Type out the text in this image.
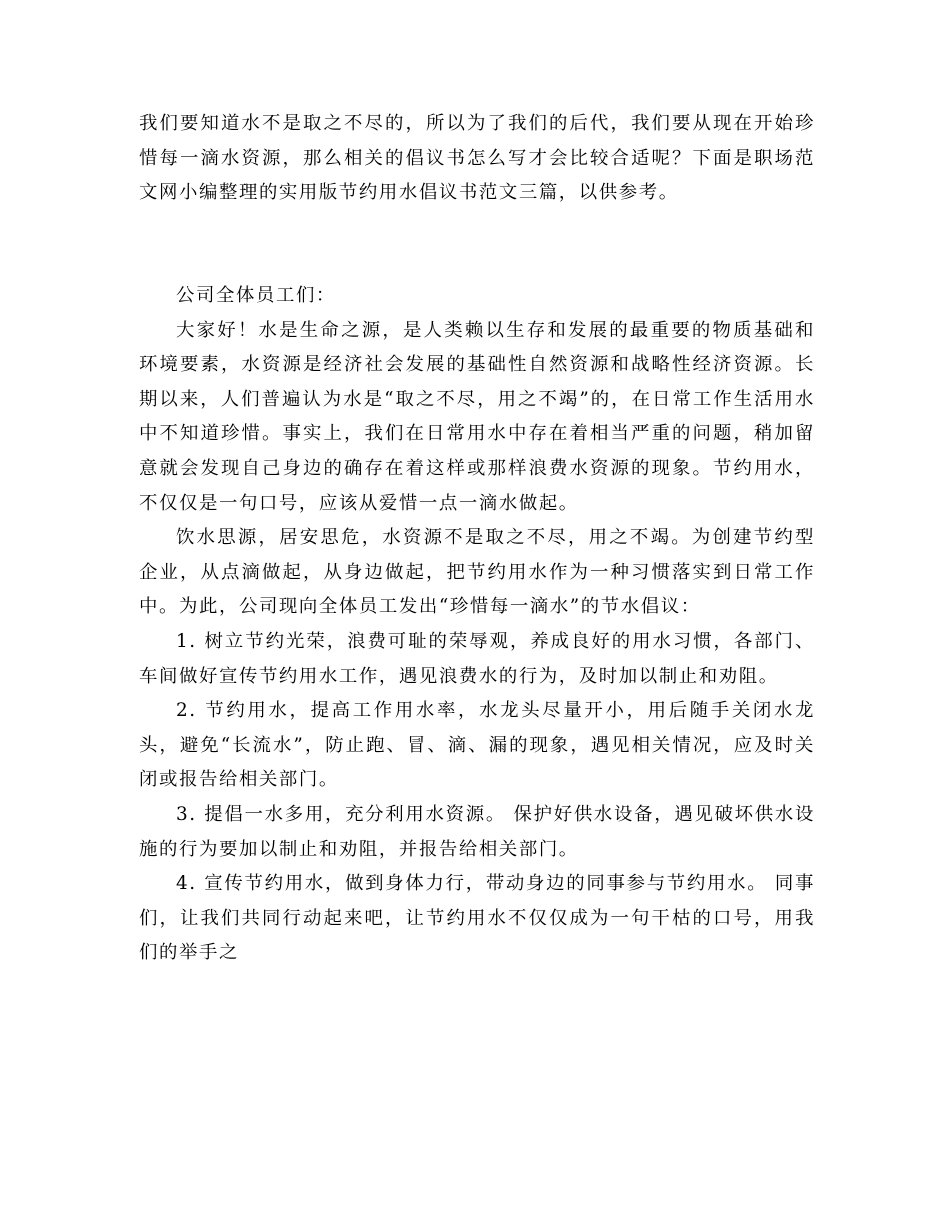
我们要知道水不是取之不尽的，所以为了我们的后代，我们要从现在开始珍惜每一滴水资源，那么相关的倡议书怎么写才会比较合适呢？下面是职场范文网小编整理的实用版节约用水倡议书范文三篇，以供参考。

公司全体员工们：

大家好！水是生命之源，是人类赖以生存和发展的最重要的物质基础和环境要素，水资源是经济社会发展的基础性自然资源和战略性经济资源。长期以来，人们普遍认为水是“取之不尽，用之不竭”的，在日常工作生活用水中不知道珍惜。事实上，我们在日常用水中存在着相当严重的问题，稍加留意就会发现自己身边的确存在着这样或那样浪费水资源的现象。节约用水，不仅仅是一句口号，应该从爱惜一点一滴水做起。

饮水思源，居安思危，水资源不是取之不尽，用之不竭。为创建节约型企业，从点滴做起，从身边做起，把节约用水作为一种习惯落实到日常工作中。为此，公司现向全体员工发出“珍惜每一滴水”的节水倡议：

1. 树立节约光荣，浪费可耻的荣辱观，养成良好的用水习惯，各部门、车间做好宣传节约用水工作，遇见浪费水的行为，及时加以制止和劝阻。

2. 节约用水，提高工作用水率，水龙头尽量开小，用后随手关闭水龙头，避免“长流水”，防止跑、冒、滴、漏的现象，遇见相关情况，应及时关闭或报告给相关部门。

3. 提倡一水多用，充分利用水资源。 保护好供水设备，遇见破坏供水设施的行为要加以制止和劝阻，并报告给相关部门。

4. 宣传节约用水，做到身体力行，带动身边的同事参与节约用水。 同事们，让我们共同行动起来吧，让节约用水不仅仅成为一句干枯的口号，用我们的举手之
